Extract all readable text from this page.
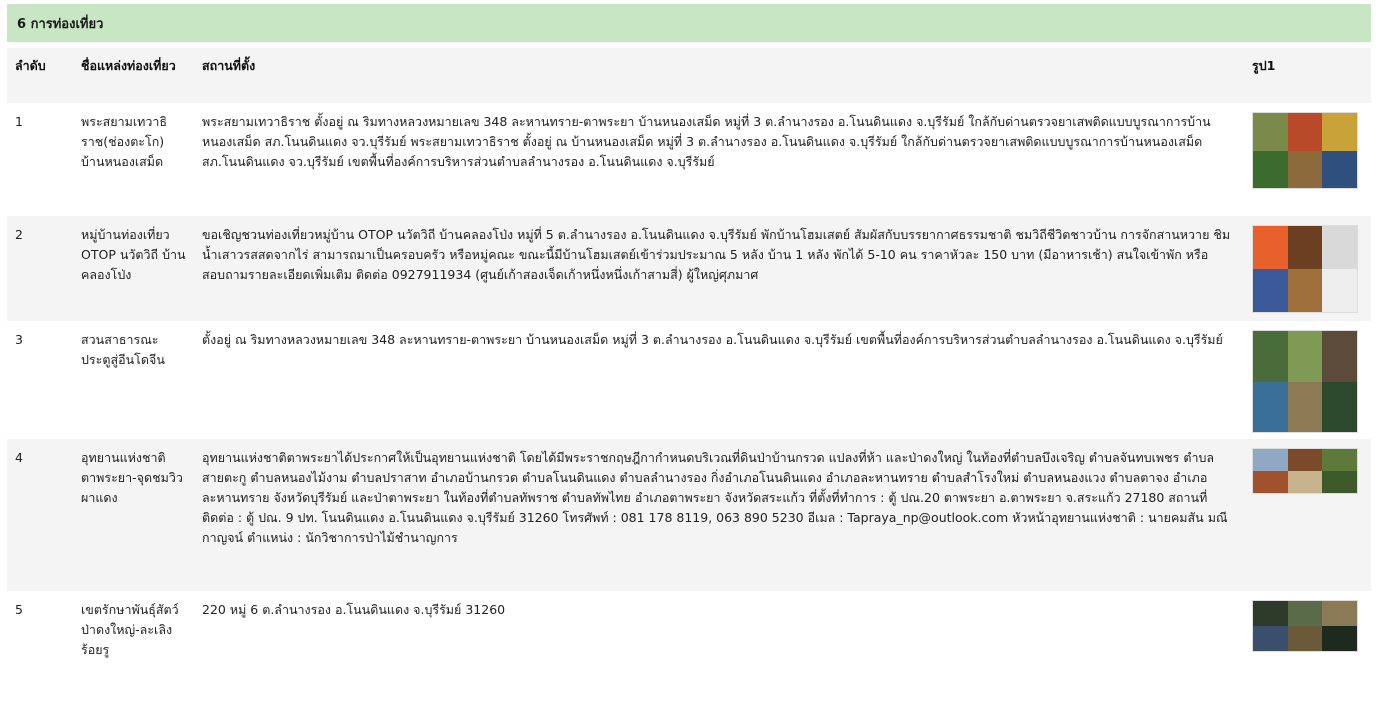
6 การท่องเที่ยว
ลำดับ	ชื่อแหล่งท่องเที่ยว	สถานที่ตั้ง	รูป1
1	พระสยามเทวาธิราช(ช่องตะโก) บ้านหนองเสม็ด	พระสยามเทวาธิราช ตั้งอยู่ ณ ริมทางหลวงหมายเลข 348 ละหานทราย-ตาพระยา บ้านหนองเสม็ด หมู่ที่ 3 ต.ลำนางรอง อ.โนนดินแดง จ.บุรีรัมย์ ใกล้กับด่านตรวจยาเสพติดแบบบูรณาการบ้านหนองเสม็ด สภ.โนนดินแดง จว.บุรีรัมย์ พระสยามเทวาธิราช ตั้งอยู่ ณ บ้านหนองเสม็ด หมู่ที่ 3 ต.ลำนางรอง อ.โนนดินแดง จ.บุรีรัมย์ ใกล้กับด่านตรวจยาเสพติดแบบบูรณาการบ้านหนองเสม็ด สภ.โนนดินแดง จว.บุรีรัมย์ เขตพื้นที่องค์การบริหารส่วนตำบลลำนางรอง อ.โนนดินแดง จ.บุรีรัมย์	

2	หมู่บ้านท่องเที่ยว OTOP นวัตวิถี บ้านคลองโป่ง	ขอเชิญชวนท่องเที่ยวหมู่บ้าน OTOP นวัตวิถี บ้านคลองโป่ง หมู่ที่ 5 ต.ลำนางรอง อ.โนนดินแดง จ.บุรีรัมย์ พักบ้านโฮมเสตย์ สัมผัสกับบรรยากาศธรรมชาติ ชมวิถีชีวิตชาวบ้าน การจักสานหวาย ชิมน้ำเสาวรสสดจากไร่ สามารถมาเป็นครอบครัว หรือหมู่คณะ ขณะนี้มีบ้านโฮมเสตย์เข้าร่วมประมาณ 5 หลัง บ้าน 1 หลัง พักได้ 5-10 คน ราคาหัวละ 150 บาท (มีอาหารเช้า) สนใจเข้าพัก หรือสอบถามรายละเอียดเพิ่มเติม ติดต่อ 0927911934 (ศูนย์เก้าสองเจ็ดเก้าหนึ่งหนึ่งเก้าสามสี่) ผู้ใหญ่ศุภมาศ	

3	สวนสาธารณะประตูสู่อีนโดจีน	ตั้งอยู่ ณ ริมทางหลวงหมายเลข 348 ละหานทราย-ตาพระยา บ้านหนองเสม็ด หมู่ที่ 3 ต.ลำนางรอง อ.โนนดินแดง จ.บุรีรัมย์ เขตพื้นที่องค์การบริหารส่วนตำบลลำนางรอง อ.โนนดินแดง จ.บุรีรัมย์	

4	อุทยานแห่งชาติตาพระยา-จุดชมวิวผาแดง	อุทยานแห่งชาติตาพระยาได้ประกาศให้เป็นอุทยานแห่งชาติ โดยได้มีพระราชกฤษฎีกากำหนดบริเวณที่ดินป่าบ้านกรวด แปลงที่ห้า และป่าดงใหญ่ ในท้องที่ตำบลบึงเจริญ ตำบลจันทบเพชร ตำบลสายตะกู ตำบลหนองไม้งาม ตำบลปราสาท อำเภอบ้านกรวด ตำบลโนนดินแดง ตำบลลำนางรอง กิ่งอำเภอโนนดินแดง อำเภอละหานทราย ตำบลสำโรงใหม่ ตำบลหนองแวง ตำบลตาจง อำเภอละหานทราย จังหวัดบุรีรัมย์ และป่าตาพระยา ในท้องที่ตำบลทัพราช ตำบลทัพไทย อำเภอตาพระยา จังหวัดสระแก้ว ที่ตั้งที่ทำการ : ตู้ ปณ.20 ตาพระยา อ.ตาพระยา จ.สระแก้ว 27180 สถานที่ติดต่อ : ตู้ ปณ. 9 ปท. โนนดินแดง อ.โนนดินแดง จ.บุรีรัมย์ 31260 โทรศัพท์ : 081 178 8119, 063 890 5230 อีเมล : Tapraya_np@outlook.com หัวหน้าอุทยานแห่งชาติ : นายคมสัน มณีกาญจน์ ตำแหน่ง : นักวิชาการป่าไม้ชำนาญการ	

5	เขตรักษาพันธุ์สัตว์ป่าดงใหญ่-ละเลิงร้อยรู	220 หมู่ 6 ต.ลำนางรอง อ.โนนดินแดง จ.บุรีรัมย์ 31260	
